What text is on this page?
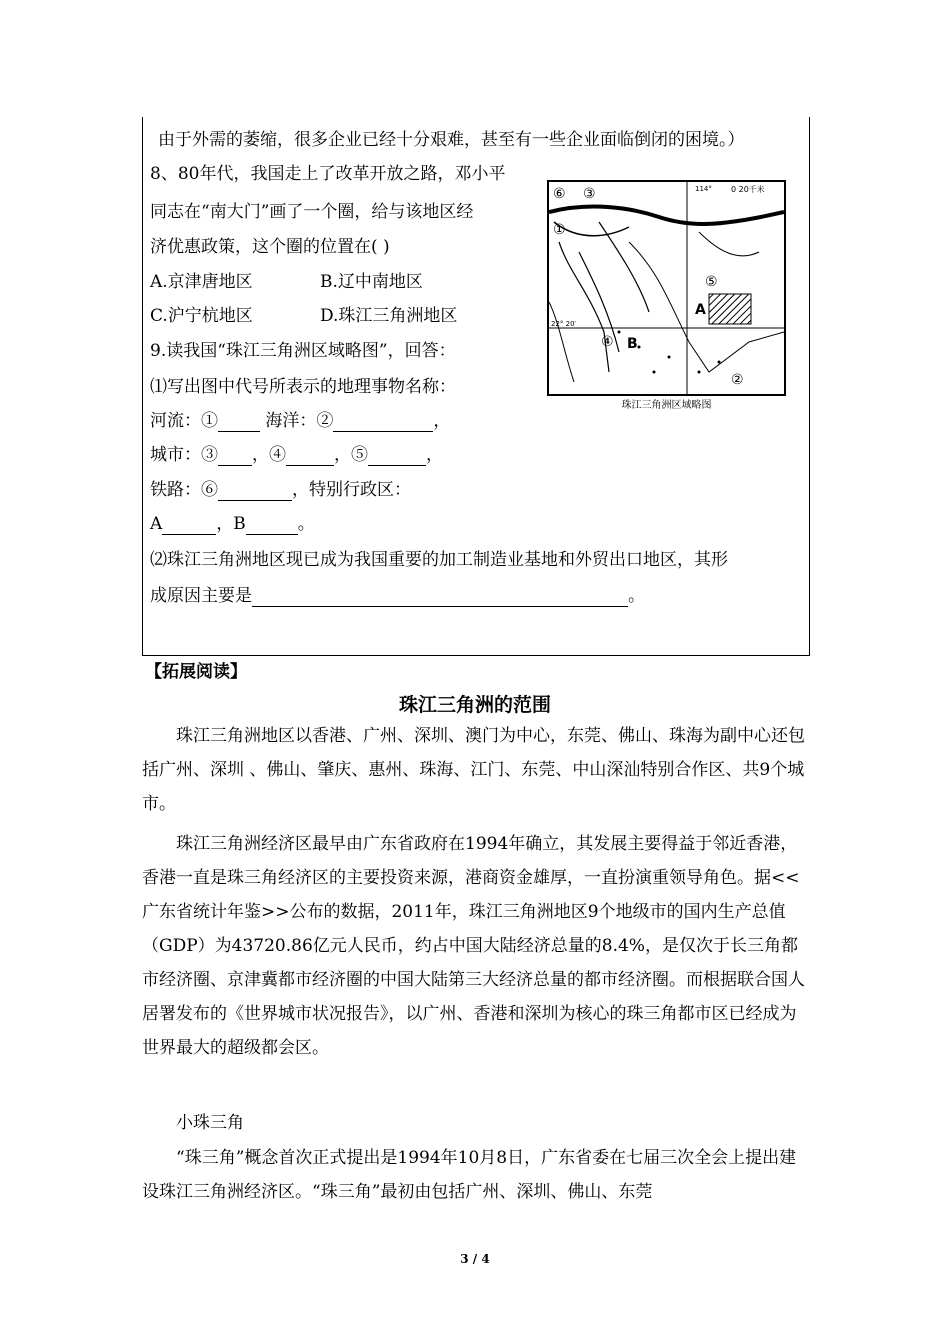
由于外需的萎缩，很多企业已经十分艰难，甚至有一些企业面临倒闭的困境。）
8、80年代，我国走上了改革开放之路，邓小平
同志在“南大门”画了一个圈，给与该地区经
济优惠政策，这个圈的位置在( )
A.京津唐地区	B.辽中南地区
C.沪宁杭地区	D.珠江三角洲地区
9.读我国“珠江三角洲区域略图”，回答：
⑴写出图中代号所表示的地理事物名称：
河流：①	海洋：②	，
城市：③ ，④	，⑤	，
铁路：⑥	，特别行政区：
A	，B	。
⑵珠江三角洲地区现已成为我国重要的加工制造业基地和外贸出口地区，其形
成原因主要是	。
114° 0 20千米
22° 20′
⑥ ③
①
⑤
A
④ B
②
珠江三角洲区域略图
【拓展阅读】
珠江三角洲的范围
珠江三角洲地区以香港、广州、深圳、澳门为中心，东莞、佛山、珠海为副中心还包括广州、深圳 、佛山、肇庆、惠州、珠海、江门、东莞、中山深汕特别合作区、共9个城市。
珠江三角洲经济区最早由广东省政府在1994年确立，其发展主要得益于邻近香港，香港一直是珠三角经济区的主要投资来源，港商资金雄厚，一直扮演重领导角色。据<<广东省统计年鉴>>公布的数据，2011年，珠江三角洲地区9个地级市的国内生产总值（GDP）为43720.86亿元人民币，约占中国大陆经济总量的8.4%，是仅次于长三角都市经济圈、京津冀都市经济圈的中国大陆第三大经济总量的都市经济圈。而根据联合国人居署发布的《世界城市状况报告》，以广州、香港和深圳为核心的珠三角都市区已经成为世界最大的超级都会区。
小珠三角
“珠三角”概念首次正式提出是1994年10月8日，广东省委在七届三次全会上提出建设珠江三角洲经济区。“珠三角”最初由包括广州、深圳、佛山、东莞
3 / 4
